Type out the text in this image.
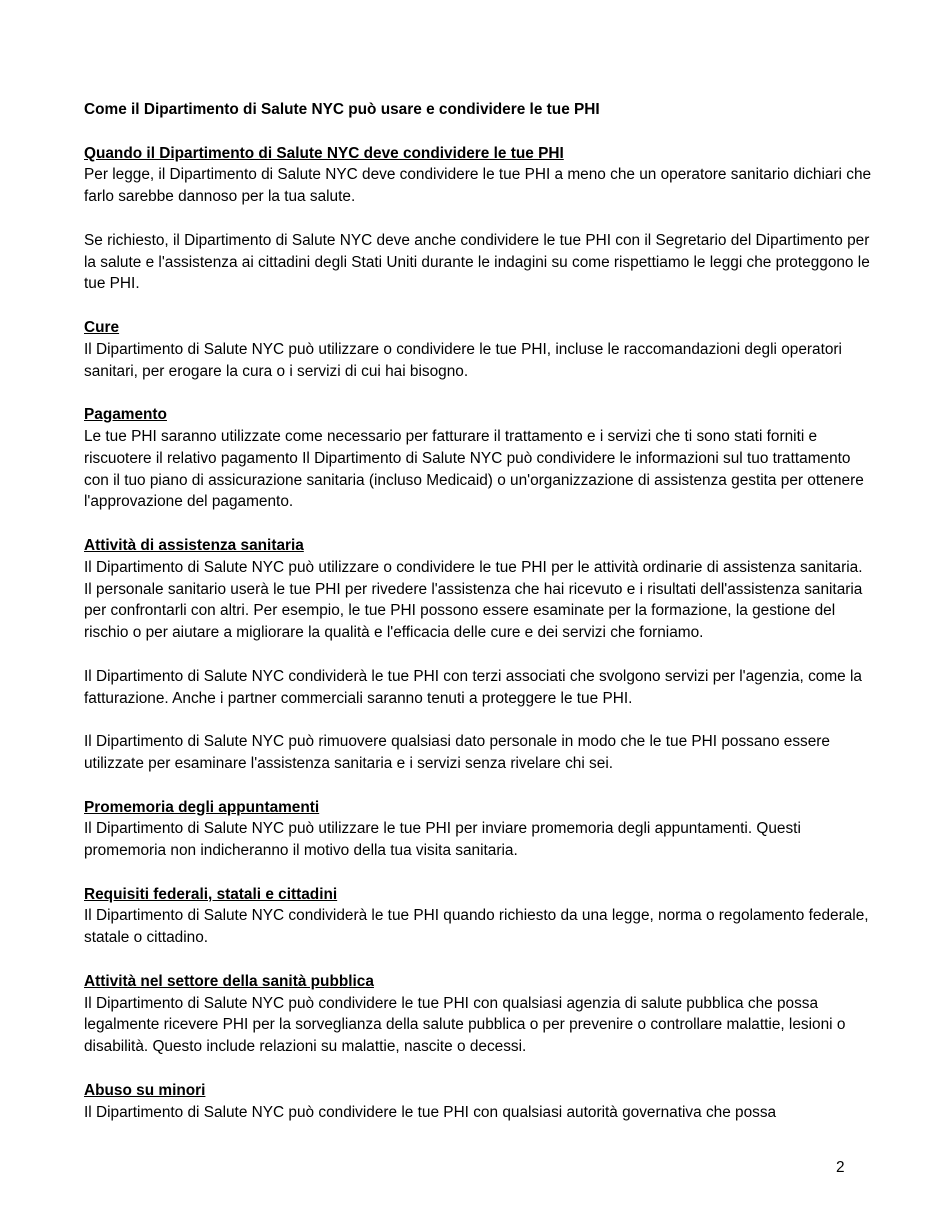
Come il Dipartimento di Salute NYC può usare e condividere le tue PHI

Quando il Dipartimento di Salute NYC deve condividere le tue PHI

Per legge, il Dipartimento di Salute NYC deve condividere le tue PHI a meno che un operatore sanitario dichiari che farlo sarebbe dannoso per la tua salute.

Se richiesto, il Dipartimento di Salute NYC deve anche condividere le tue PHI con il Segretario del Dipartimento per la salute e l'assistenza ai cittadini degli Stati Uniti durante le indagini su come rispettiamo le leggi che proteggono le tue PHI.

Cure

Il Dipartimento di Salute NYC può utilizzare o condividere le tue PHI, incluse le raccomandazioni degli operatori sanitari, per erogare la cura o i servizi di cui hai bisogno.

Pagamento

Le tue PHI saranno utilizzate come necessario per fatturare il trattamento e i servizi che ti sono stati forniti e riscuotere il relativo pagamento Il Dipartimento di Salute NYC può condividere le informazioni sul tuo trattamento con il tuo piano di assicurazione sanitaria (incluso Medicaid) o un'organizzazione di assistenza gestita per ottenere l'approvazione del pagamento.

Attività di assistenza sanitaria

Il Dipartimento di Salute NYC può utilizzare o condividere le tue PHI per le attività ordinarie di assistenza sanitaria. Il personale sanitario userà le tue PHI per rivedere l'assistenza che hai ricevuto e i risultati dell'assistenza sanitaria per confrontarli con altri. Per esempio, le tue PHI possono essere esaminate per la formazione, la gestione del rischio o per aiutare a migliorare la qualità e l'efficacia delle cure e dei servizi che forniamo.

Il Dipartimento di Salute NYC condividerà le tue PHI con terzi associati che svolgono servizi per l'agenzia, come la fatturazione. Anche i partner commerciali saranno tenuti a proteggere le tue PHI.

Il Dipartimento di Salute NYC può rimuovere qualsiasi dato personale in modo che le tue PHI possano essere utilizzate per esaminare l'assistenza sanitaria e i servizi senza rivelare chi sei.

Promemoria degli appuntamenti

Il Dipartimento di Salute NYC può utilizzare le tue PHI per inviare promemoria degli appuntamenti. Questi promemoria non indicheranno il motivo della tua visita sanitaria.

Requisiti federali, statali e cittadini

Il Dipartimento di Salute NYC condividerà le tue PHI quando richiesto da una legge, norma o regolamento federale, statale o cittadino.

Attività nel settore della sanità pubblica

Il Dipartimento di Salute NYC può condividere le tue PHI con qualsiasi agenzia di salute pubblica che possa legalmente ricevere PHI per la sorveglianza della salute pubblica o per prevenire o controllare malattie, lesioni o disabilità. Questo include relazioni su malattie, nascite o decessi.

Abuso su minori

Il Dipartimento di Salute NYC può condividere le tue PHI con qualsiasi autorità governativa che possa

2
